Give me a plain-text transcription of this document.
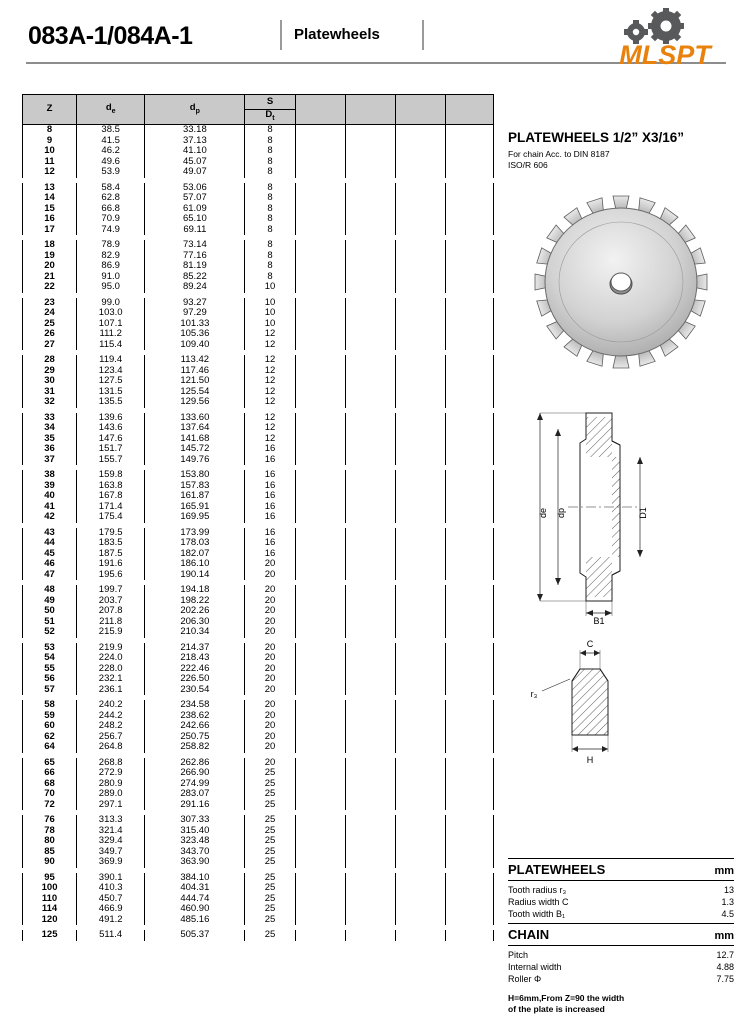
083A-1/084A-1	Platewheels
MLSPT
Z	$d_e$	$d_p$	S				
			$D_t$
8	38.5	33.18	8				
9	41.5	37.13	8				
10	46.2	41.10	8				
11	49.6	45.07	8				
12	53.9	49.07	8				

13	58.4	53.06	8				
14	62.8	57.07	8				
15	66.8	61.09	8				
16	70.9	65.10	8				
17	74.9	69.11	8				

18	78.9	73.14	8				
19	82.9	77.16	8				
20	86.9	81.19	8				
21	91.0	85.22	8				
22	95.0	89.24	10				

23	99.0	93.27	10				
24	103.0	97.29	10				
25	107.1	101.33	10				
26	111.2	105.36	12				
27	115.4	109.40	12				

28	119.4	113.42	12				
29	123.4	117.46	12				
30	127.5	121.50	12				
31	131.5	125.54	12				
32	135.5	129.56	12				

33	139.6	133.60	12				
34	143.6	137.64	12				
35	147.6	141.68	12				
36	151.7	145.72	16				
37	155.7	149.76	16				

38	159.8	153.80	16				
39	163.8	157.83	16				
40	167.8	161.87	16				
41	171.4	165.91	16				
42	175.4	169.95	16				

43	179.5	173.99	16				
44	183.5	178.03	16				
45	187.5	182.07	16				
46	191.6	186.10	20				
47	195.6	190.14	20				

48	199.7	194.18	20				
49	203.7	198.22	20				
50	207.8	202.26	20				
51	211.8	206.30	20				
52	215.9	210.34	20				

53	219.9	214.37	20				
54	224.0	218.43	20				
55	228.0	222.46	20				
56	232.1	226.50	20				
57	236.1	230.54	20				

58	240.2	234.58	20				
59	244.2	238.62	20				
60	248.2	242.66	20				
62	256.7	250.75	20				
64	264.8	258.82	20				

65	268.8	262.86	20				
66	272.9	266.90	25				
68	280.9	274.99	25				
70	289.0	283.07	25				
72	297.1	291.16	25				

76	313.3	307.33	25				
78	321.4	315.40	25				
80	329.4	323.48	25				
85	349.7	343.70	25				
90	369.9	363.90	25				

95	390.1	384.10	25				
100	410.3	404.31	25				
110	450.7	444.74	25				
114	466.9	460.90	25				
120	491.2	485.16	25				

125	511.4	505.37	25				
PLATEWHEELS 1/2” X3/16”
For chain Acc. to DIN 8187
ISO/R 606
de dp	D1
B1
C
r₃
H
PLATEWHEELS	mm
Tooth radius r₃	13
Radius width C	1.3
Tooth width B₁	4.5
CHAIN	mm
Pitch	12.7
Internal width	4.88
Roller Φ	7.75
H=6mm,From Z=90 the width
of the plate is increased
